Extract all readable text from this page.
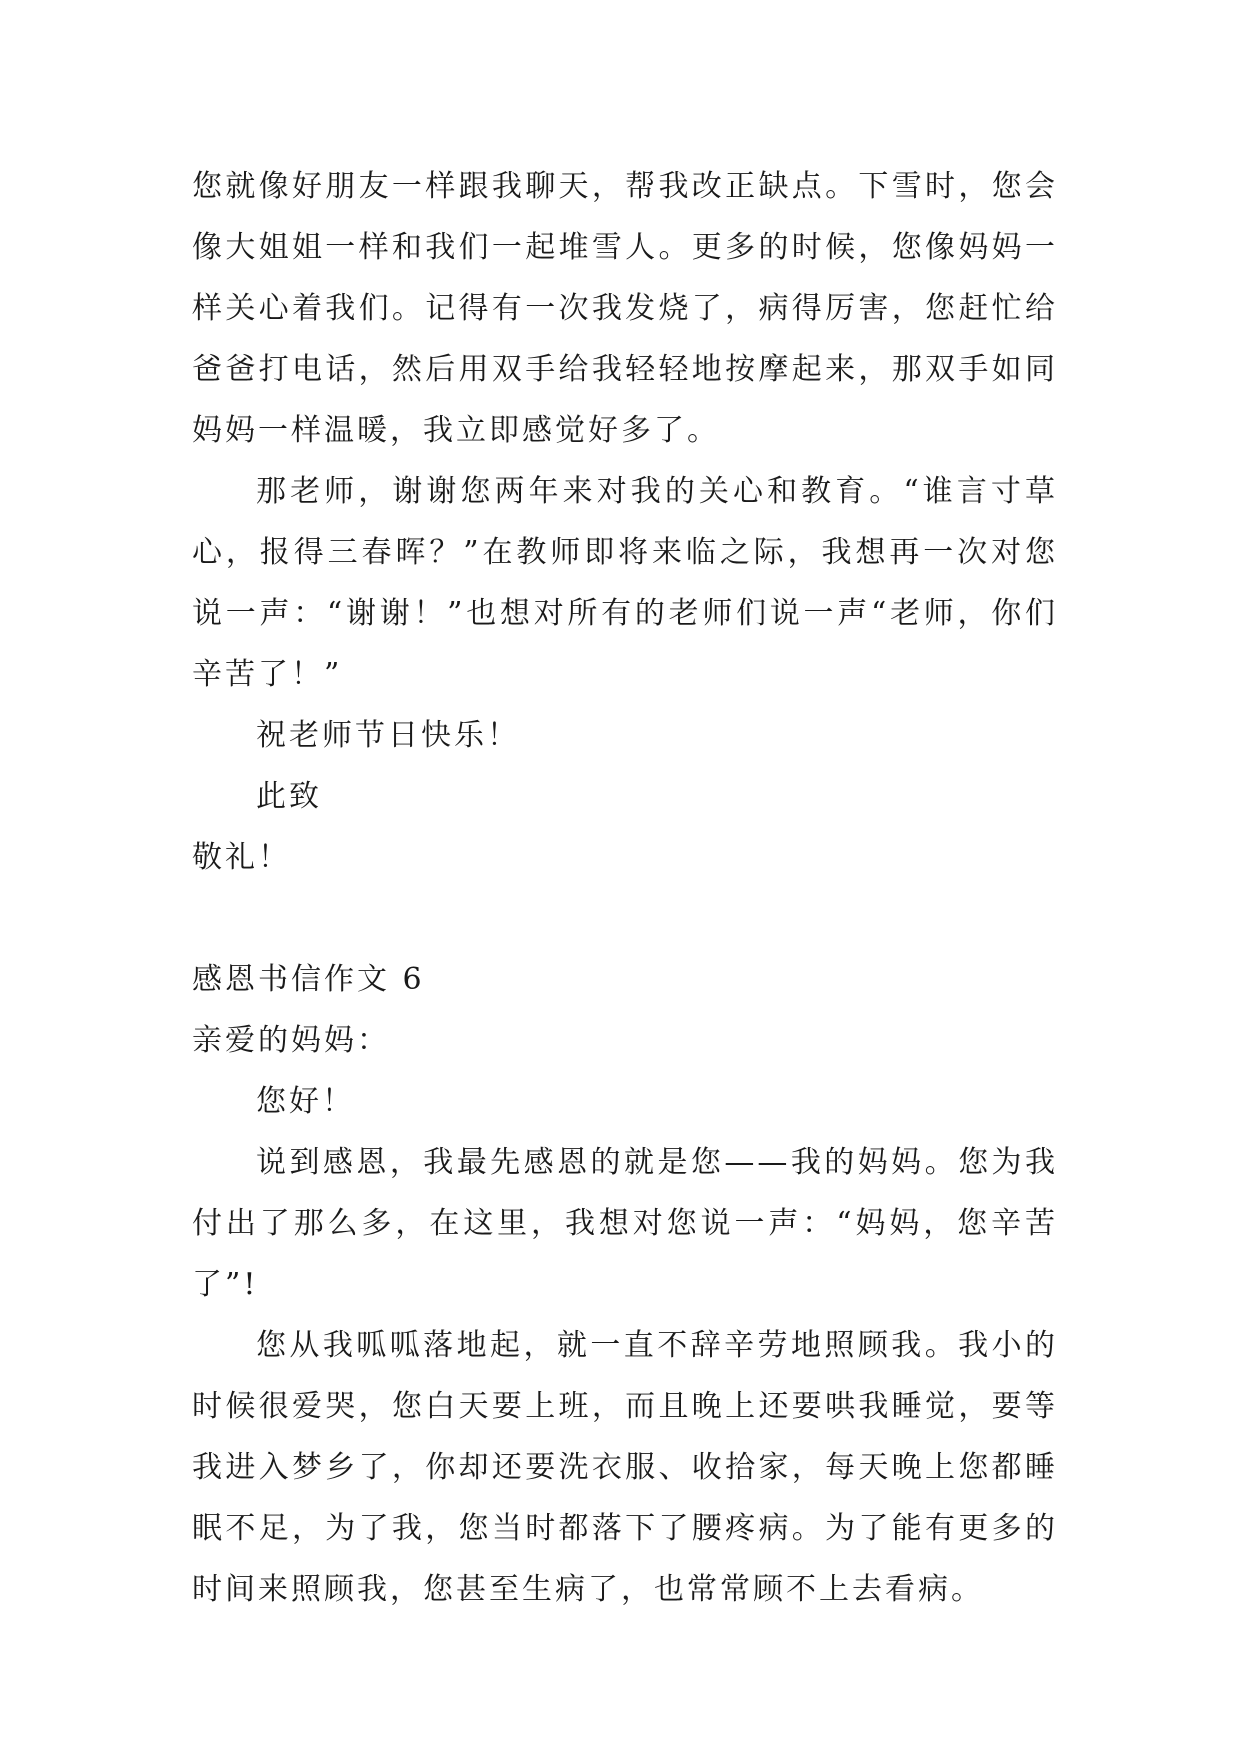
您就像好朋友一样跟我聊天，帮我改正缺点。下雪时，您会像大姐姐一样和我们一起堆雪人。更多的时候，您像妈妈一样关心着我们。记得有一次我发烧了，病得厉害，您赶忙给爸爸打电话，然后用双手给我轻轻地按摩起来，那双手如同妈妈一样温暖，我立即感觉好多了。

那老师，谢谢您两年来对我的关心和教育。“谁言寸草心，报得三春晖？”在教师即将来临之际，我想再一次对您说一声：“谢谢！”也想对所有的老师们说一声“老师，你们辛苦了！”

祝老师节日快乐！

此致

敬礼！

感恩书信作文 6

亲爱的妈妈：

您好！

说到感恩，我最先感恩的就是您——我的妈妈。您为我付出了那么多，在这里，我想对您说一声：“妈妈，您辛苦了”!

您从我呱呱落地起，就一直不辞辛劳地照顾我。我小的时候很爱哭，您白天要上班，而且晚上还要哄我睡觉，要等我进入梦乡了，你却还要洗衣服、收拾家，每天晚上您都睡眠不足，为了我，您当时都落下了腰疼病。为了能有更多的时间来照顾我，您甚至生病了，也常常顾不上去看病。
